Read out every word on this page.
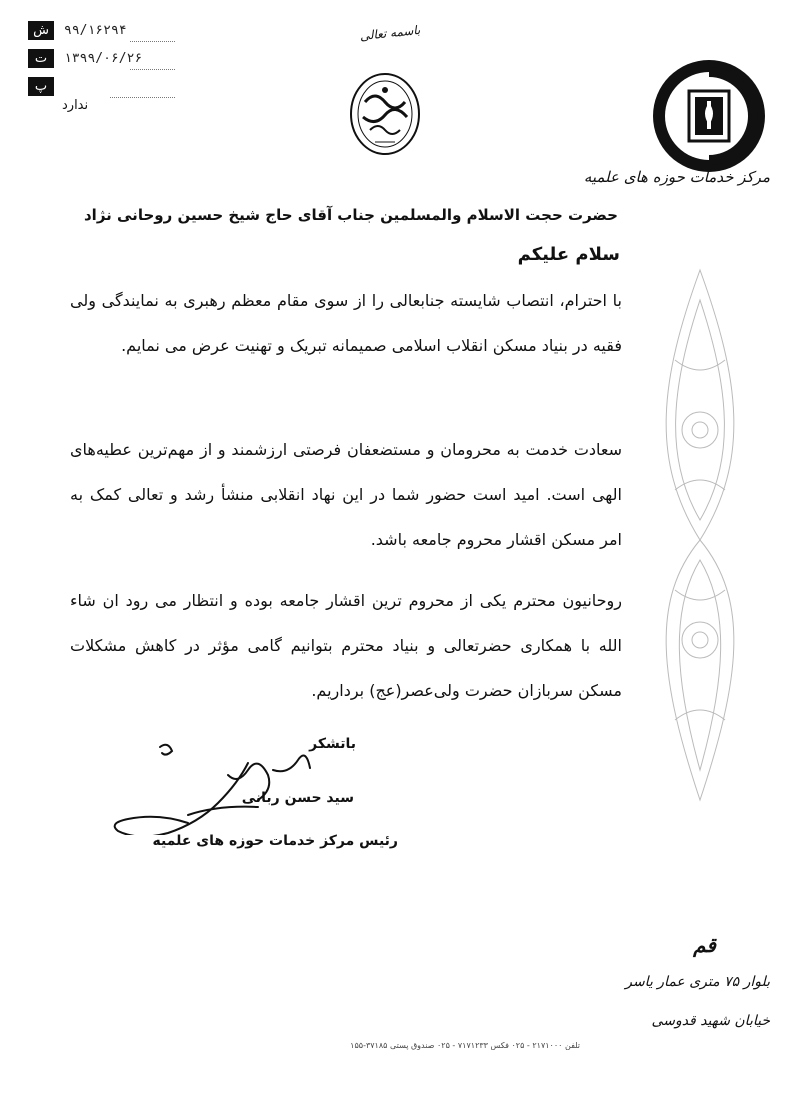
ش	۹۹/۱۶۲۹۴
ت	۱۳۹۹/۰۶/۲۶
پ
ندارد
باسمه تعالی
مرکز خدمات حوزه های علمیه
حضرت حجت الاسلام والمسلمین جناب آقای حاج شیخ حسین روحانی نژاد
سلام علیکم
با احترام، انتصاب شایسته جنابعالی را از سوی مقام معظم رهبری به نمایندگی ولی فقیه در بنیاد مسکن انقلاب اسلامی صمیمانه تبریک و تهنیت عرض می نمایم.
سعادت خدمت به محرومان و مستضعفان فرصتی ارزشمند و از مهم‌ترین عطیه‌های الهی است. امید است حضور شما در این نهاد انقلابی منشأ رشد و تعالی کمک به امر مسکن اقشار محروم جامعه باشد.
روحانیون محترم یکی از محروم ترین اقشار جامعه بوده و انتظار می رود ان شاء الله با همکاری حضرتعالی و بنیاد محترم بتوانیم گامی مؤثر در کاهش مشکلات مسکن سربازان حضرت ولی‌عصر(عج) برداریم.
باتشکر
سید حسن ربانی
رئیس مرکز خدمات حوزه های علمیه
قم
بلوار ۷۵ متری عمار یاسر
خیابان شهید قدوسی
تلفن ۲۱۷۱۰۰۰ - ۰۲۵ فکس ۷۱۷۱۲۳۳ - ۰۲۵ صندوق پستی ۳۷۱۸۵-۱۵۵
